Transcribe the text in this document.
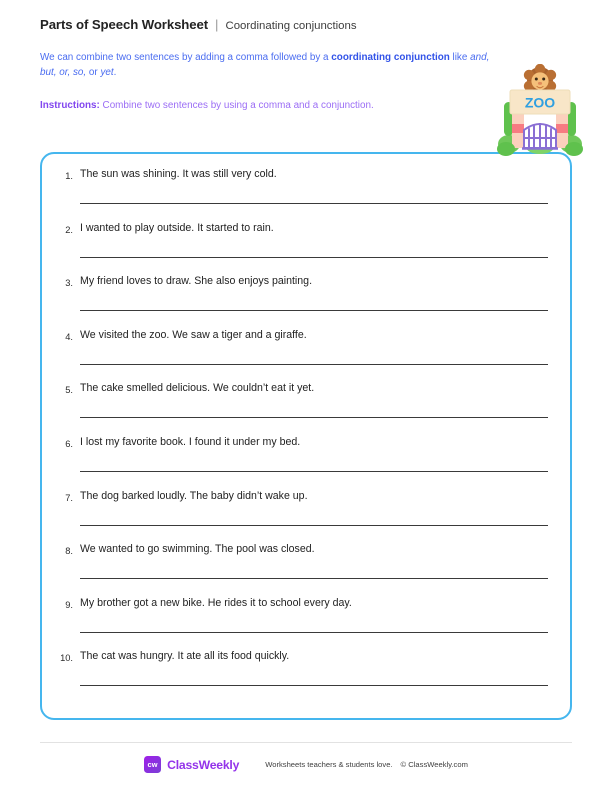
Parts of Speech Worksheet | Coordinating conjunctions

We can combine two sentences by adding a comma followed by a coordinating conjunction like and, but, or, so, or yet.

Instructions: Combine two sentences by using a comma and a conjunction.	ZOO
1. The sun was shining. It was still very cold.
2. I wanted to play outside. It started to rain.
3. My friend loves to draw. She also enjoys painting.
4. We visited the zoo. We saw a tiger and a giraffe.
5. The cake smelled delicious. We couldn’t eat it yet.
6. I lost my favorite book. I found it under my bed.
7. The dog barked loudly. The baby didn’t wake up.
8. We wanted to go swimming. The pool was closed.
9. My brother got a new bike. He rides it to school every day.
10. The cat was hungry. It ate all its food quickly.
cw ClassWeekly	Worksheets teachers & students love. © ClassWeekly.com
